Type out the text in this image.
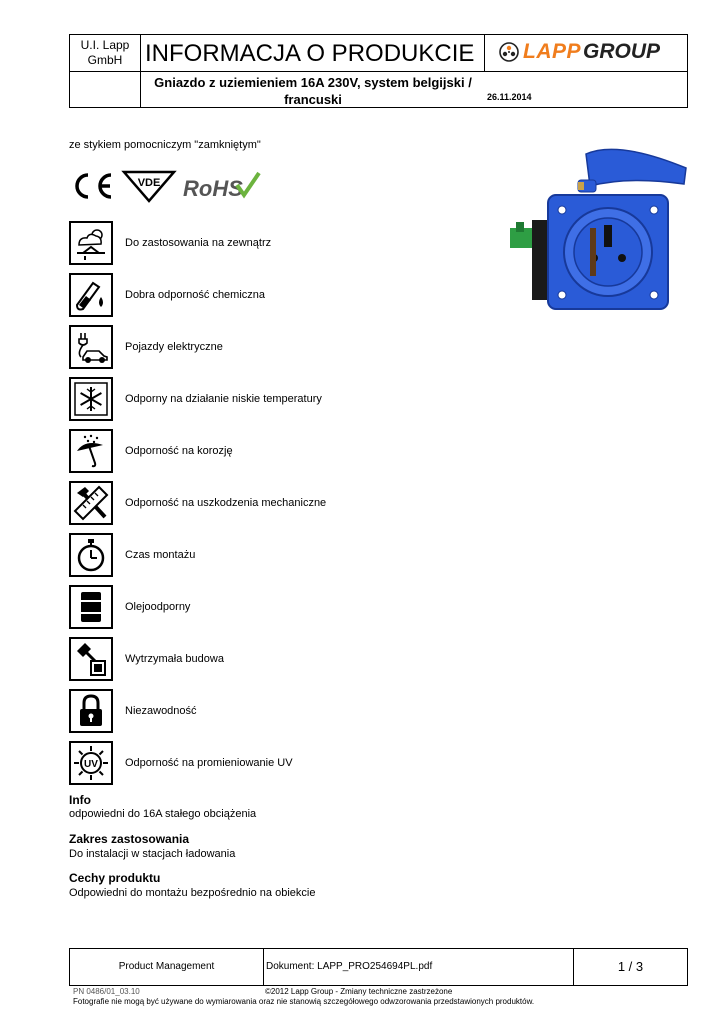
U.I. Lapp GmbH INFORMACJA O PRODUKCIE	LAPP GROUP
Gniazdo z uziemieniem 16A 230V, system belgijski / francuski	26.11.2014
ze stykiem pomocniczym "zamkniętym"
VDE RoHS
Do zastosowania na zewnątrz
Dobra odporność chemiczna
Pojazdy elektryczne
Odporny na działanie niskie temperatury
Odporność na korozję
Odporność na uszkodzenia mechaniczne
Czas montażu
Olejoodporny
Wytrzymała budowa
Niezawodność
UV Odporność na promieniowanie UV
Info
odpowiedni do 16A stałego obciążenia
Zakres zastosowania
Do instalacji w stacjach ładowania
Cechy produktu
Odpowiedni do montażu bezpośrednio na obiekcie
Product Management	Dokument: LAPP_PRO254694PL.pdf	1 / 3
PN 0486/01_03.10	©2012 Lapp Group - Zmiany techniczne zastrzeżone
Fotografie nie mogą być używane do wymiarowania oraz nie stanowią szczegółowego odwzorowania przedstawionych produktów.
